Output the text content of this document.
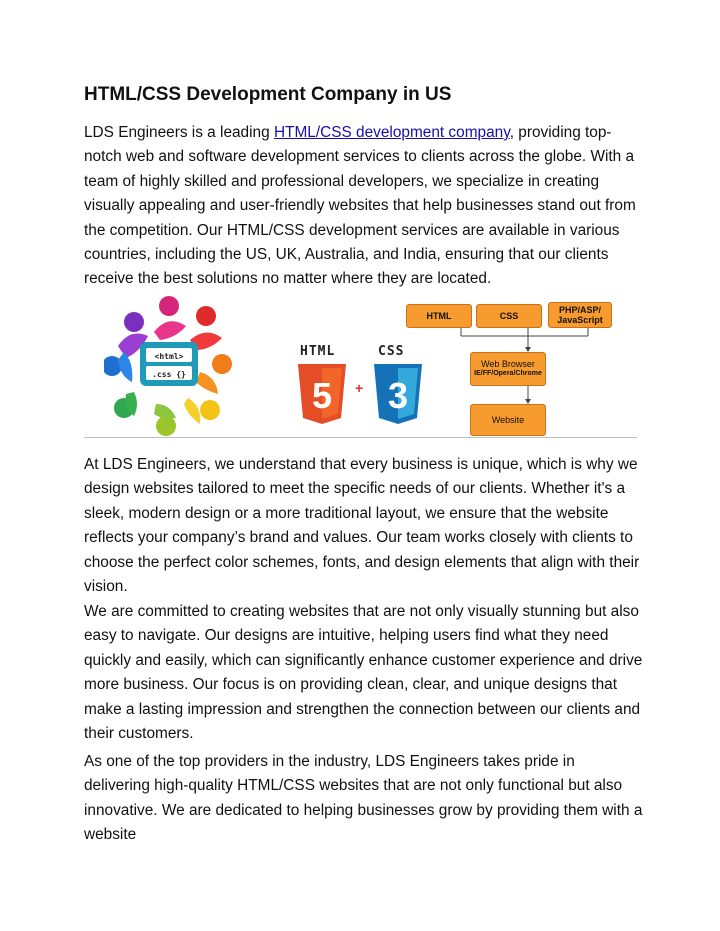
HTML/CSS Development Company in US

LDS Engineers is a leading HTML/CSS development company, providing top-notch web and software development services to clients across the globe. With a team of highly skilled and professional developers, we specialize in creating visually appealing and user-friendly websites that help businesses stand out from the competition. Our HTML/CSS development services are available in various countries, including the US, UK, Australia, and India, ensuring that our clients receive the best solutions no matter where they are located.

<html>
.css {}
HTML	CSS
5 + 3
HTML	CSS
PHP/ASP/ JavaScript
Web Browser
IE/FF/Opera/Chrome
Website

At LDS Engineers, we understand that every business is unique, which is why we design websites tailored to meet the specific needs of our clients. Whether it's a sleek, modern design or a more traditional layout, we ensure that the website reflects your company’s brand and values. Our team works closely with clients to choose the perfect color schemes, fonts, and design elements that align with their vision.

We are committed to creating websites that are not only visually stunning but also easy to navigate. Our designs are intuitive, helping users find what they need quickly and easily, which can significantly enhance customer experience and drive more business. Our focus is on providing clean, clear, and unique designs that make a lasting impression and strengthen the connection between our clients and their customers.

As one of the top providers in the industry, LDS Engineers takes pride in delivering high-quality HTML/CSS websites that are not only functional but also innovative. We are dedicated to helping businesses grow by providing them with a website
